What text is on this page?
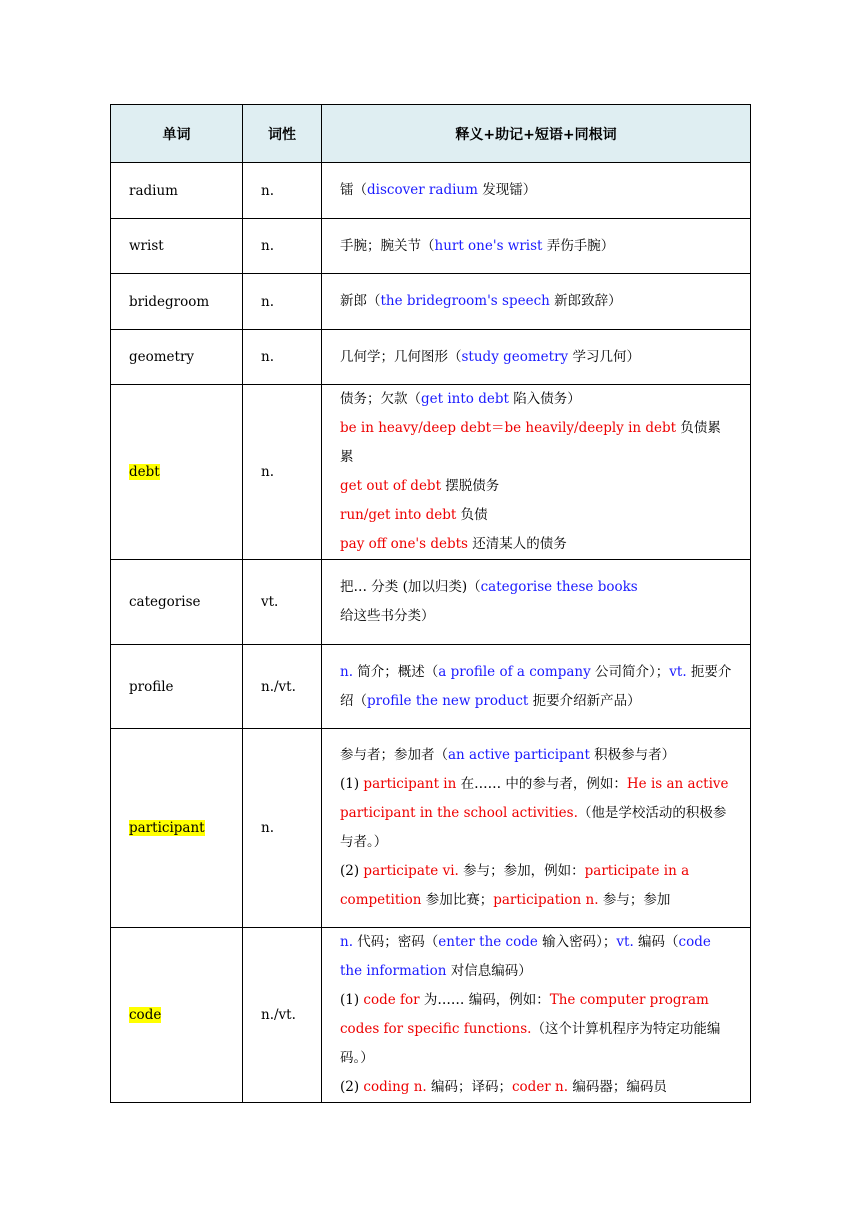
单词	词性	释义+助记+短语+同根词
radium	n.	镭（discover radium 发现镭）

wrist	n.	手腕；腕关节（hurt one's wrist 弄伤手腕）

bridegroom	n.	新郎（the bridegroom's speech 新郎致辞）

geometry	n.	几何学；几何图形（study geometry 学习几何）

debt	n.	债务；欠款（get into debt 陷入债务）
be in heavy/deep debt＝be heavily/deeply in debt 负债累累
get out of debt 摆脱债务
run/get into debt 负债
pay off one's debts 还清某人的债务

categorise	vt.	把… 分类 (加以归类)（categorise these books 给这些书分类）

profile	n./vt.	n. 简介；概述（a profile of a company 公司简介）；vt. 扼要介绍（profile the new product 扼要介绍新产品）

participant	n.	参与者；参加者（an active participant 积极参与者）
(1) participant in 在…… 中的参与者，例如：He is an active participant in the school activities.（他是学校活动的积极参与者。）
(2) participate vi. 参与；参加，例如：participate in a competition 参加比赛；participation n. 参与；参加

code	n./vt.	n. 代码；密码（enter the code 输入密码）；vt. 编码（code the information 对信息编码）
(1) code for 为…… 编码，例如：The computer program codes for specific functions.（这个计算机程序为特定功能编码。）
(2) coding n. 编码；译码；coder n. 编码器；编码员
